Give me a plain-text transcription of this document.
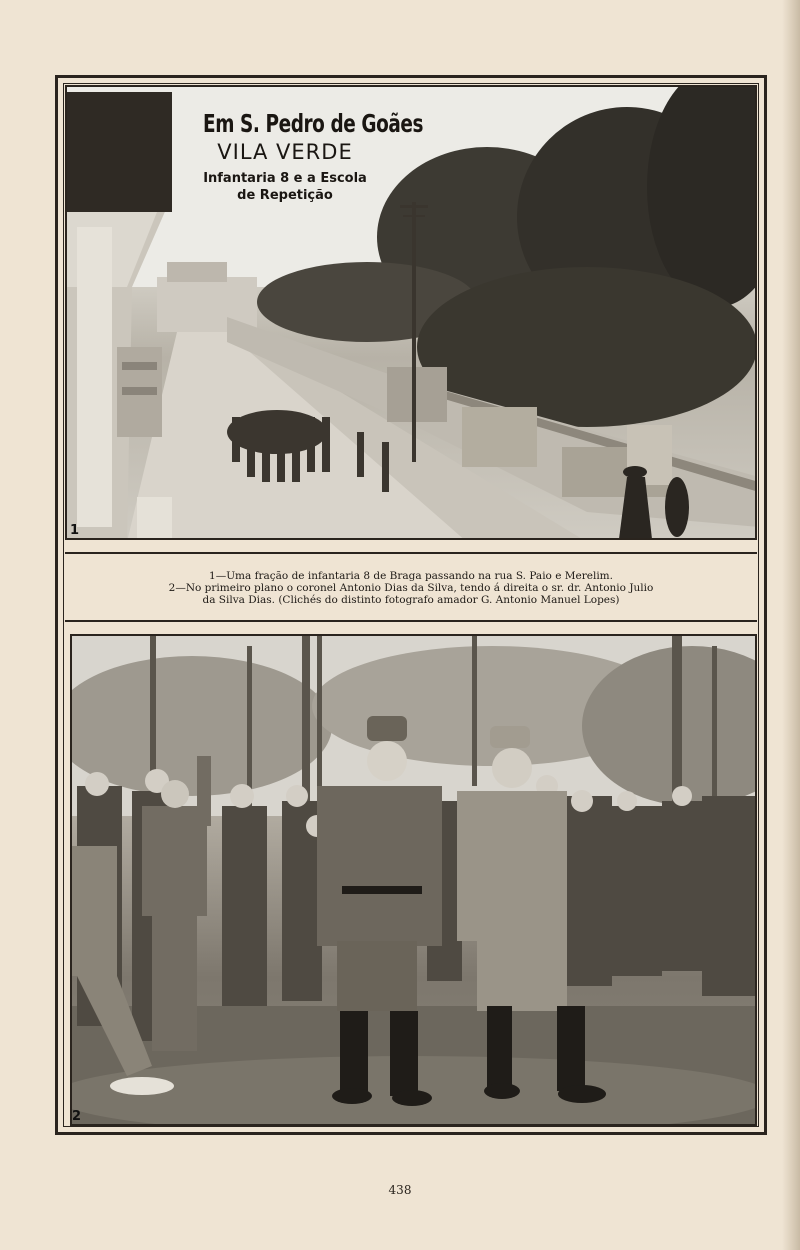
Em S. Pedro de Goães
VILA VERDE
Infantaria 8 e a Escola
de Repetição
1
1—Uma fração de infantaria 8 de Braga passando na rua S. Paio e Merelim.
2—No primeiro plano o coronel Antonio Dias da Silva, tendo á direita o sr. dr. Antonio Julio
da Silva Dias. (Clichés do distinto fotografo amador G. Antonio Manuel Lopes)
2
438
